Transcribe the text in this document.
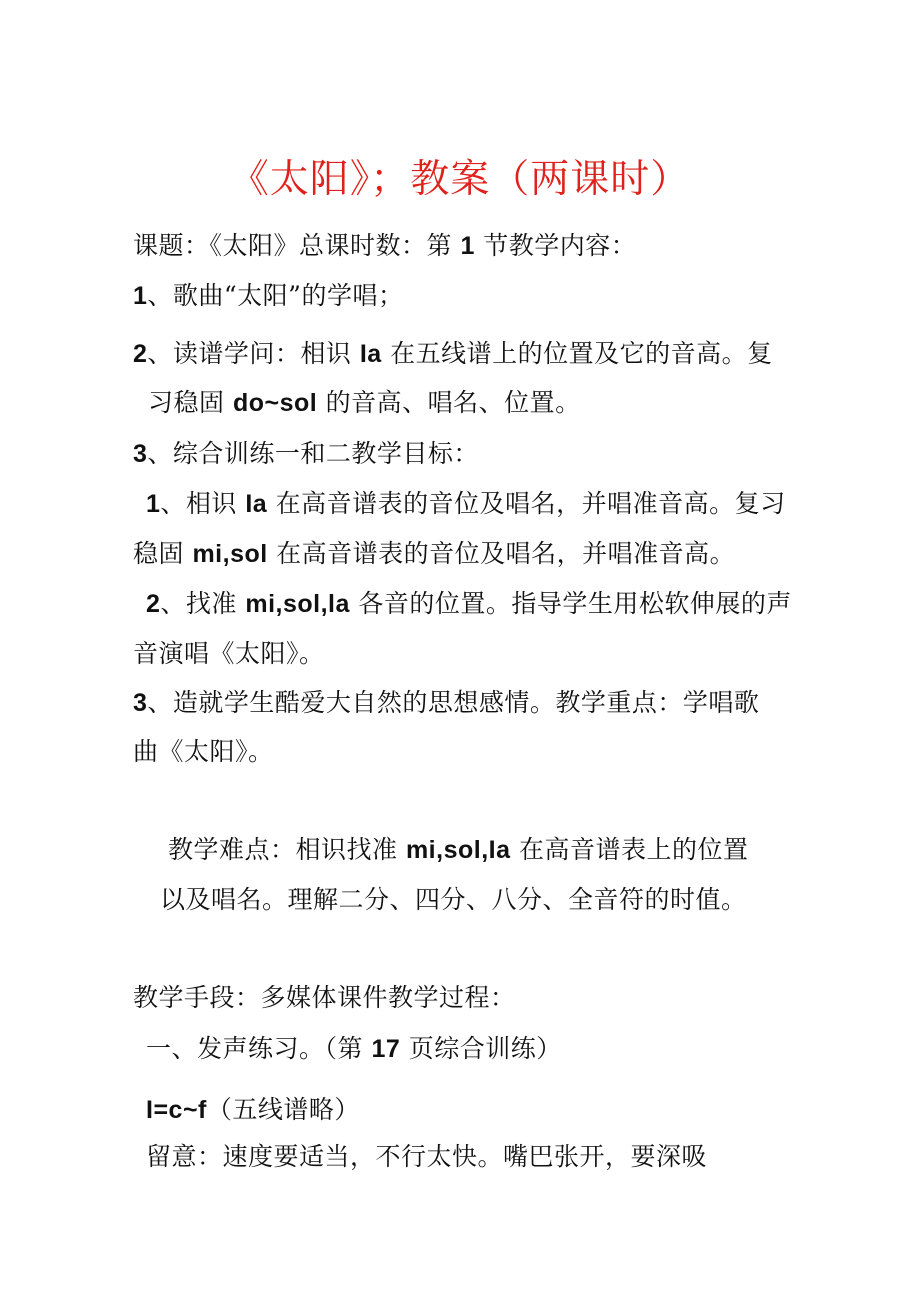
《太阳》；教案（两课时）
课题：《太阳》总课时数：第 1 节教学内容：
1、歌曲“太阳”的学唱；
2、读谱学问：相识 Ia 在五线谱上的位置及它的音高。复
习稳固 do~sol 的音高、唱名、位置。
3、综合训练一和二教学目标：
1、相识 Ia 在高音谱表的音位及唱名，并唱准音高。复习
稳固 mi,sol 在高音谱表的音位及唱名，并唱准音高。
2、找准 mi,sol,la 各音的位置。指导学生用松软伸展的声
音演唱《太阳》。
3、造就学生酷爱大自然的思想感情。教学重点：学唱歌
曲《太阳》。
教学难点：相识找准 mi,sol,Ia 在高音谱表上的位置
以及唱名。理解二分、四分、八分、全音符的时值。
教学手段：多媒体课件教学过程：
一、发声练习。（第 17 页综合训练）
I=c~f（五线谱略）
留意：速度要适当，不行太快。嘴巴张开，要深吸
